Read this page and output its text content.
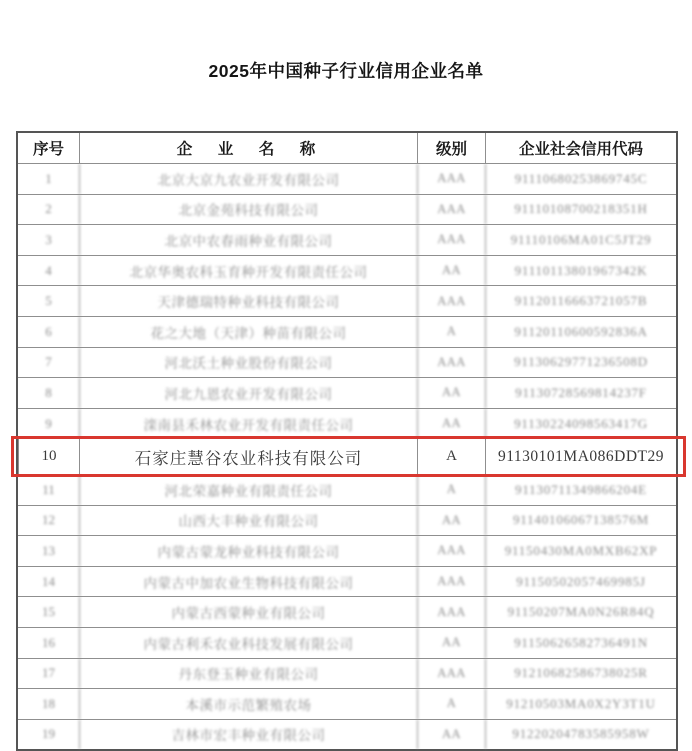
2025年中国种子行业信用企业名单
序号	企　业　名　称	级别	企业社会信用代码
1	北京大京九农业开发有限公司	AAA	91110680253869745C
2	北京金苑科技有限公司	AAA	91110108700218351H
3	北京中农春雨种业有限公司	AAA	91110106MA01C5JT29
4	北京华奥农科玉育种开发有限责任公司	AA	91110113801967342K
5	天津德瑞特种业科技有限公司	AAA	91120116663721057B
6	花之大地（天津）种苗有限公司	A	91120110600592836A
7	河北沃土种业股份有限公司	AAA	91130629771236508D
8	河北九恩农业开发有限公司	AA	91130728569814237F
9	滦南县禾林农业开发有限责任公司	AA	91130224098563417G
10	石家庄慧谷农业科技有限公司	A	91130101MA086DDT29
11	河北荣嘉种业有限责任公司	A	91130711349866204E
12	山西大丰种业有限公司	AA	91140106067138576M
13	内蒙古蒙龙种业科技有限公司	AAA	91150430MA0MXB62XP
14	内蒙古中加农业生物科技有限公司	AAA	91150502057469985J
15	内蒙古西蒙种业有限公司	AAA	91150207MA0N26R84Q
16	内蒙古利禾农业科技发展有限公司	AA	91150626582736491N
17	丹东登玉种业有限公司	AAA	91210682586738025R
18	本溪市示范繁殖农场	A	91210503MA0X2Y3T1U
19	吉林市宏丰种业有限公司	AA	91220204783585958W
